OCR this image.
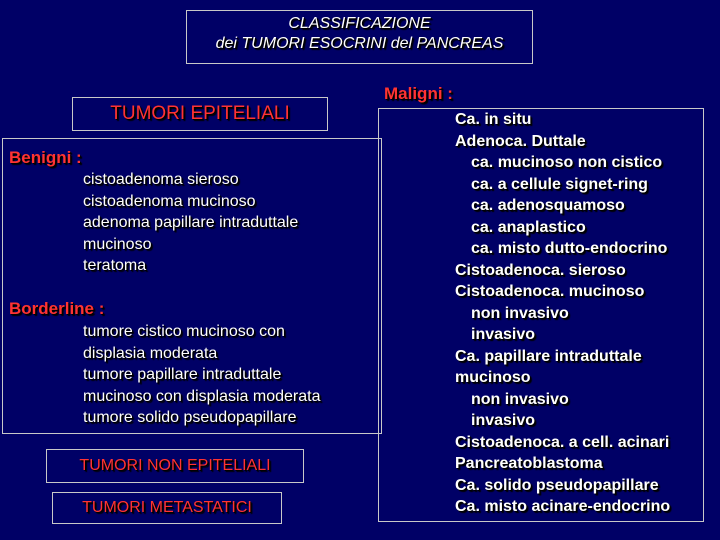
CLASSIFICAZIONE
dei TUMORI ESOCRINI del PANCREAS
TUMORI EPITELIALI
Benigni :
cistoadenoma sieroso
cistoadenoma mucinoso
adenoma papillare intraduttale
mucinoso
teratoma
Borderline :
tumore cistico mucinoso con
displasia moderata
tumore papillare intraduttale
mucinoso con displasia moderata
tumore solido pseudopapillare
TUMORI NON EPITELIALI
TUMORI METASTATICI
Maligni :
Ca. in situ
Adenoca. Duttale
ca. mucinoso non cistico
ca. a cellule signet-ring
ca. adenosquamoso
ca. anaplastico
ca. misto dutto-endocrino
Cistoadenoca. sieroso
Cistoadenoca. mucinoso
non invasivo
invasivo
Ca. papillare intraduttale
mucinoso
non invasivo
invasivo
Cistoadenoca. a cell. acinari
Pancreatoblastoma
Ca. solido pseudopapillare
Ca. misto acinare-endocrino
